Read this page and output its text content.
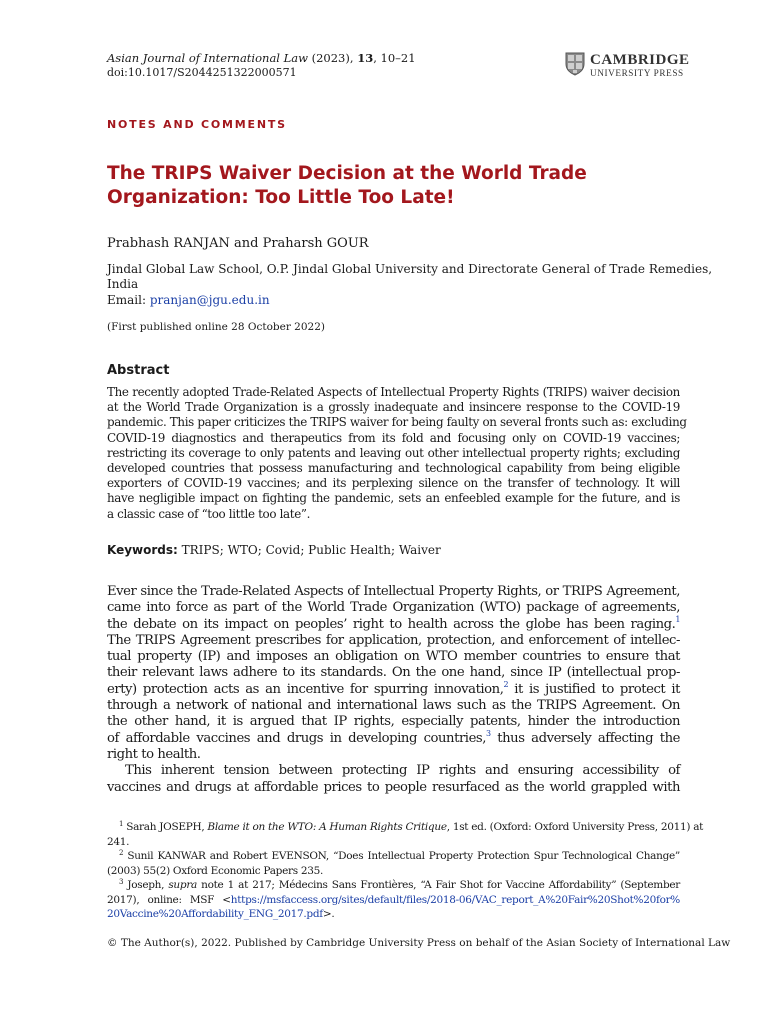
Asian Journal of International Law (2023), 13, 10–21
doi:10.1017/S2044251322000571
CAMBRIDGE
UNIVERSITY PRESS
NOTES AND COMMENTS
The TRIPS Waiver Decision at the World Trade
Organization: Too Little Too Late!
Prabhash RANJAN and Praharsh GOUR
Jindal Global Law School, O.P. Jindal Global University and Directorate General of Trade Remedies,
India
Email: pranjan@jgu.edu.in
(First published online 28 October 2022)
Abstract
The recently adopted Trade-Related Aspects of Intellectual Property Rights (TRIPS) waiver decision
at the World Trade Organization is a grossly inadequate and insincere response to the COVID-19
pandemic. This paper criticizes the TRIPS waiver for being faulty on several fronts such as: excluding
COVID-19 diagnostics and therapeutics from its fold and focusing only on COVID-19 vaccines;
restricting its coverage to only patents and leaving out other intellectual property rights; excluding
developed countries that possess manufacturing and technological capability from being eligible
exporters of COVID-19 vaccines; and its perplexing silence on the transfer of technology. It will
have negligible impact on fighting the pandemic, sets an enfeebled example for the future, and is
a classic case of “too little too late”.
Keywords: TRIPS; WTO; Covid; Public Health; Waiver
Ever since the Trade-Related Aspects of Intellectual Property Rights, or TRIPS Agreement,
came into force as part of the World Trade Organization (WTO) package of agreements,
the debate on its impact on peoples’ right to health across the globe has been raging.$^1$
The TRIPS Agreement prescribes for application, protection, and enforcement of intellec-
tual property (IP) and imposes an obligation on WTO member countries to ensure that
their relevant laws adhere to its standards. On the one hand, since IP (intellectual prop-
erty) protection acts as an incentive for spurring innovation,$^2$ it is justified to protect it
through a network of national and international laws such as the TRIPS Agreement. On
the other hand, it is argued that IP rights, especially patents, hinder the introduction
of affordable vaccines and drugs in developing countries,$^3$ thus adversely affecting the
right to health.
This inherent tension between protecting IP rights and ensuring accessibility of
vaccines and drugs at affordable prices to people resurfaced as the world grappled with
$^1$ Sarah JOSEPH, Blame it on the WTO: A Human Rights Critique, 1st ed. (Oxford: Oxford University Press, 2011) at
241.
$^2$ Sunil KANWAR and Robert EVENSON, “Does Intellectual Property Protection Spur Technological Change”
(2003) 55(2) Oxford Economic Papers 235.
$^3$ Joseph, supra note 1 at 217; Médecins Sans Frontières, “A Fair Shot for Vaccine Affordability” (September
2017), online: MSF <https://msfaccess.org/sites/default/files/2018-06/VAC_report_A%20Fair%20Shot%20for%
20Vaccine%20Affordability_ENG_2017.pdf>.
© The Author(s), 2022. Published by Cambridge University Press on behalf of the Asian Society of International Law
